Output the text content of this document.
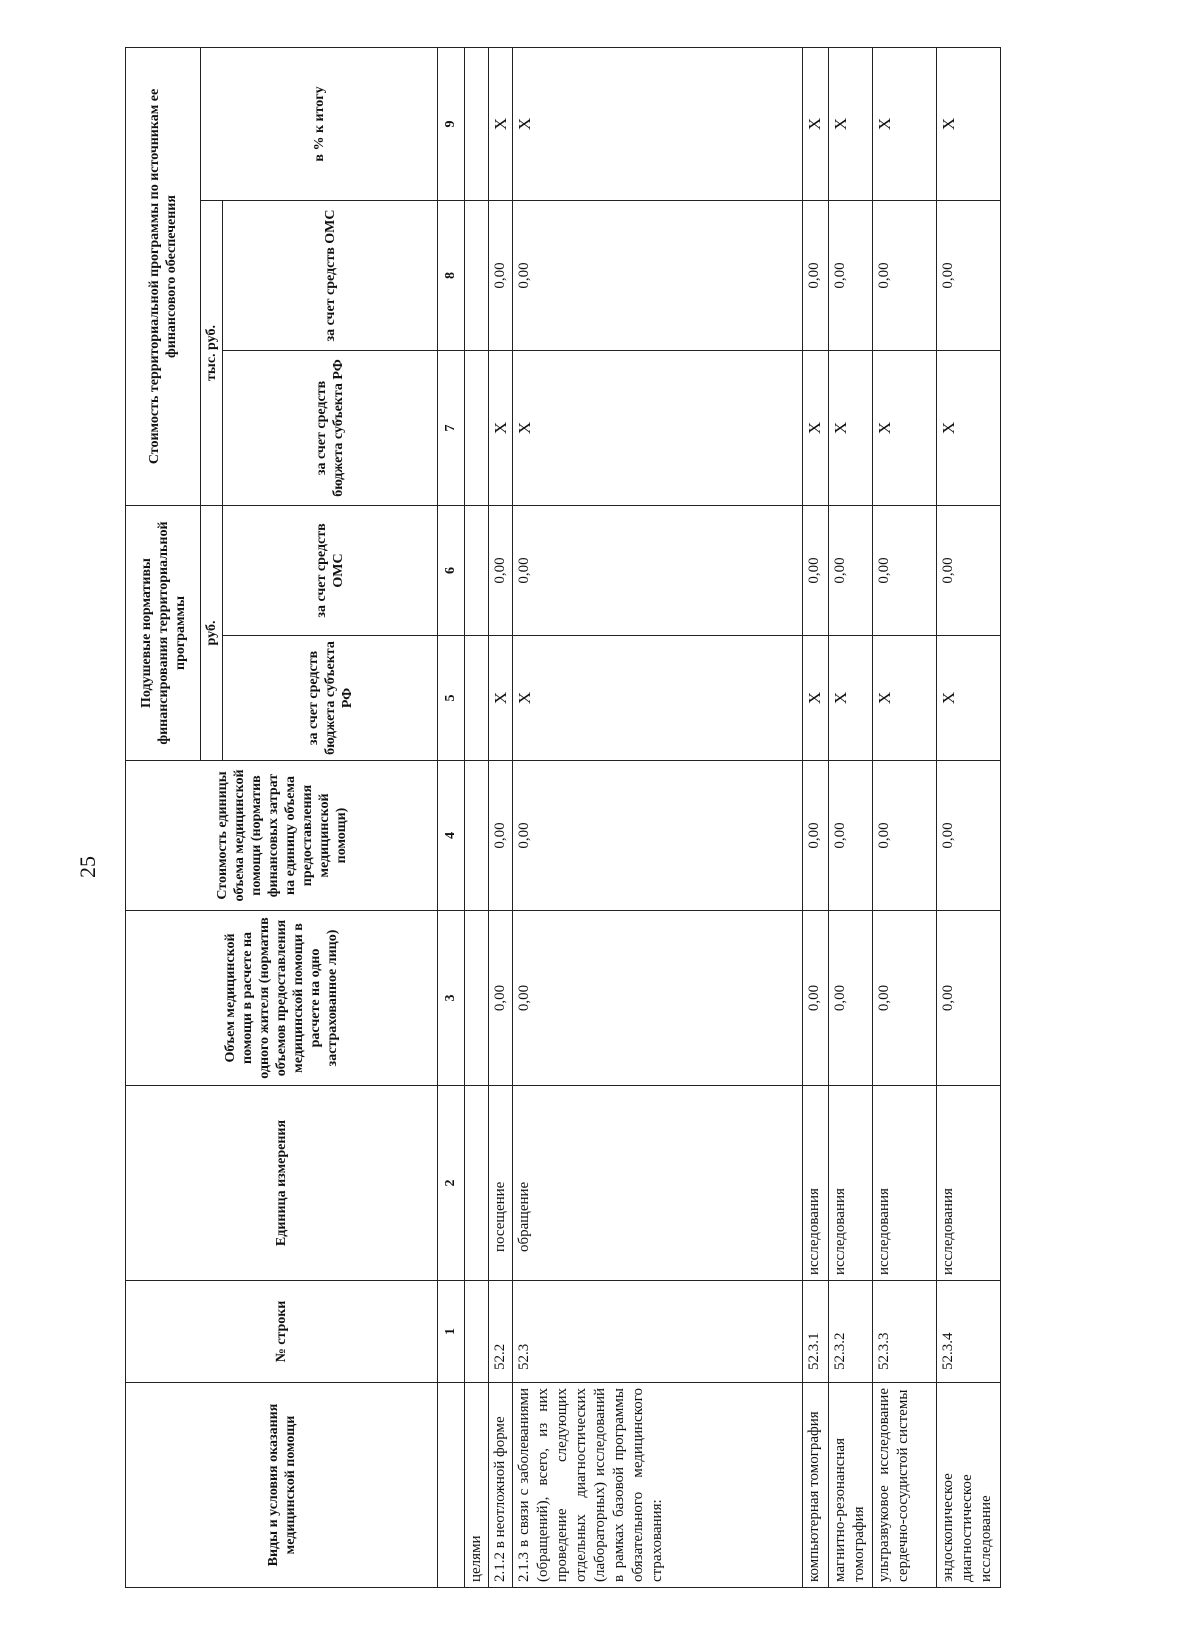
25
Виды и условия оказания медицинской помощи	№ строки	Единица измерения	Объем медицинской помощи в расчете на одного жителя (норматив объемов предоставления медицинской помощи в расчете на одно застрахованное лицо)	Стоимость единицы объема медицинской помощи (норматив финансовых затрат на единицу объема предоставления медицинской помощи)	Подушевые нормативы финансирования территориальной программы		Стоимость территориальной программы по источникам ее финансового обеспечения		
					руб.		тыс. руб.		в % к итогу
					за счет средств бюджета субъекта РФ	за счет средств ОМС	за счет средств бюджета субъекта РФ	за счет средств ОМС	
	1	2	3	4	5	6	7	8	9
целями									
2.1.2 в неотложной форме	52.2	посещение	0,00	0,00	X	0,00	X	0,00	X
2.1.3 в связи с заболеваниями (обращений), всего, из них проведение следующих отдельных диагностических (лабораторных) исследований в рамках базовой программы обязательного медицинского страхования:	52.3	обращение	0,00	0,00	X	0,00	X	0,00	X
компьютерная томография	52.3.1	исследования	0,00	0,00	X	0,00	X	0,00	X
магнитно-резонансная томография	52.3.2	исследования	0,00	0,00	X	0,00	X	0,00	X
ультразвуковое исследование сердечно-сосудистой системы	52.3.3	исследования	0,00	0,00	X	0,00	X	0,00	X
эндоскопическое диагностическое исследование	52.3.4	исследования	0,00	0,00	X	0,00	X	0,00	X
